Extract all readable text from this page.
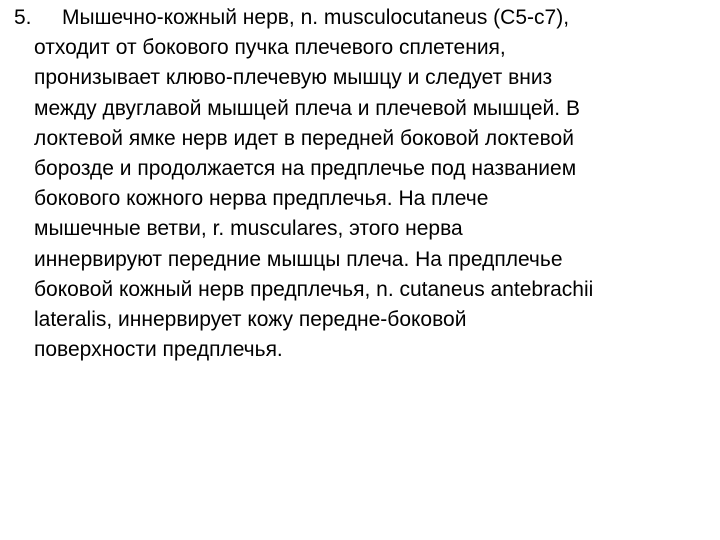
5.	Мышечно-кожный нерв, n. musculocutaneus (C5-c7),
отходит от бокового пучка плечевого сплетения,
пронизывает клюво-плечевую мышцу и следует вниз
между двуглавой мышцей плеча и плечевой мышцей. В
локтевой ямке нерв идет в передней боковой локтевой
борозде и продолжается на предплечье под названием
бокового кожного нерва предплечья. На плече
мышечные ветви, r. musculares, этого нерва
иннервируют передние мышцы плеча. На предплечье
боковой кожный нерв предплечья, n. cutaneus antebrachii
lateralis, иннервирует кожу передне-боковой
поверхности предплечья.
